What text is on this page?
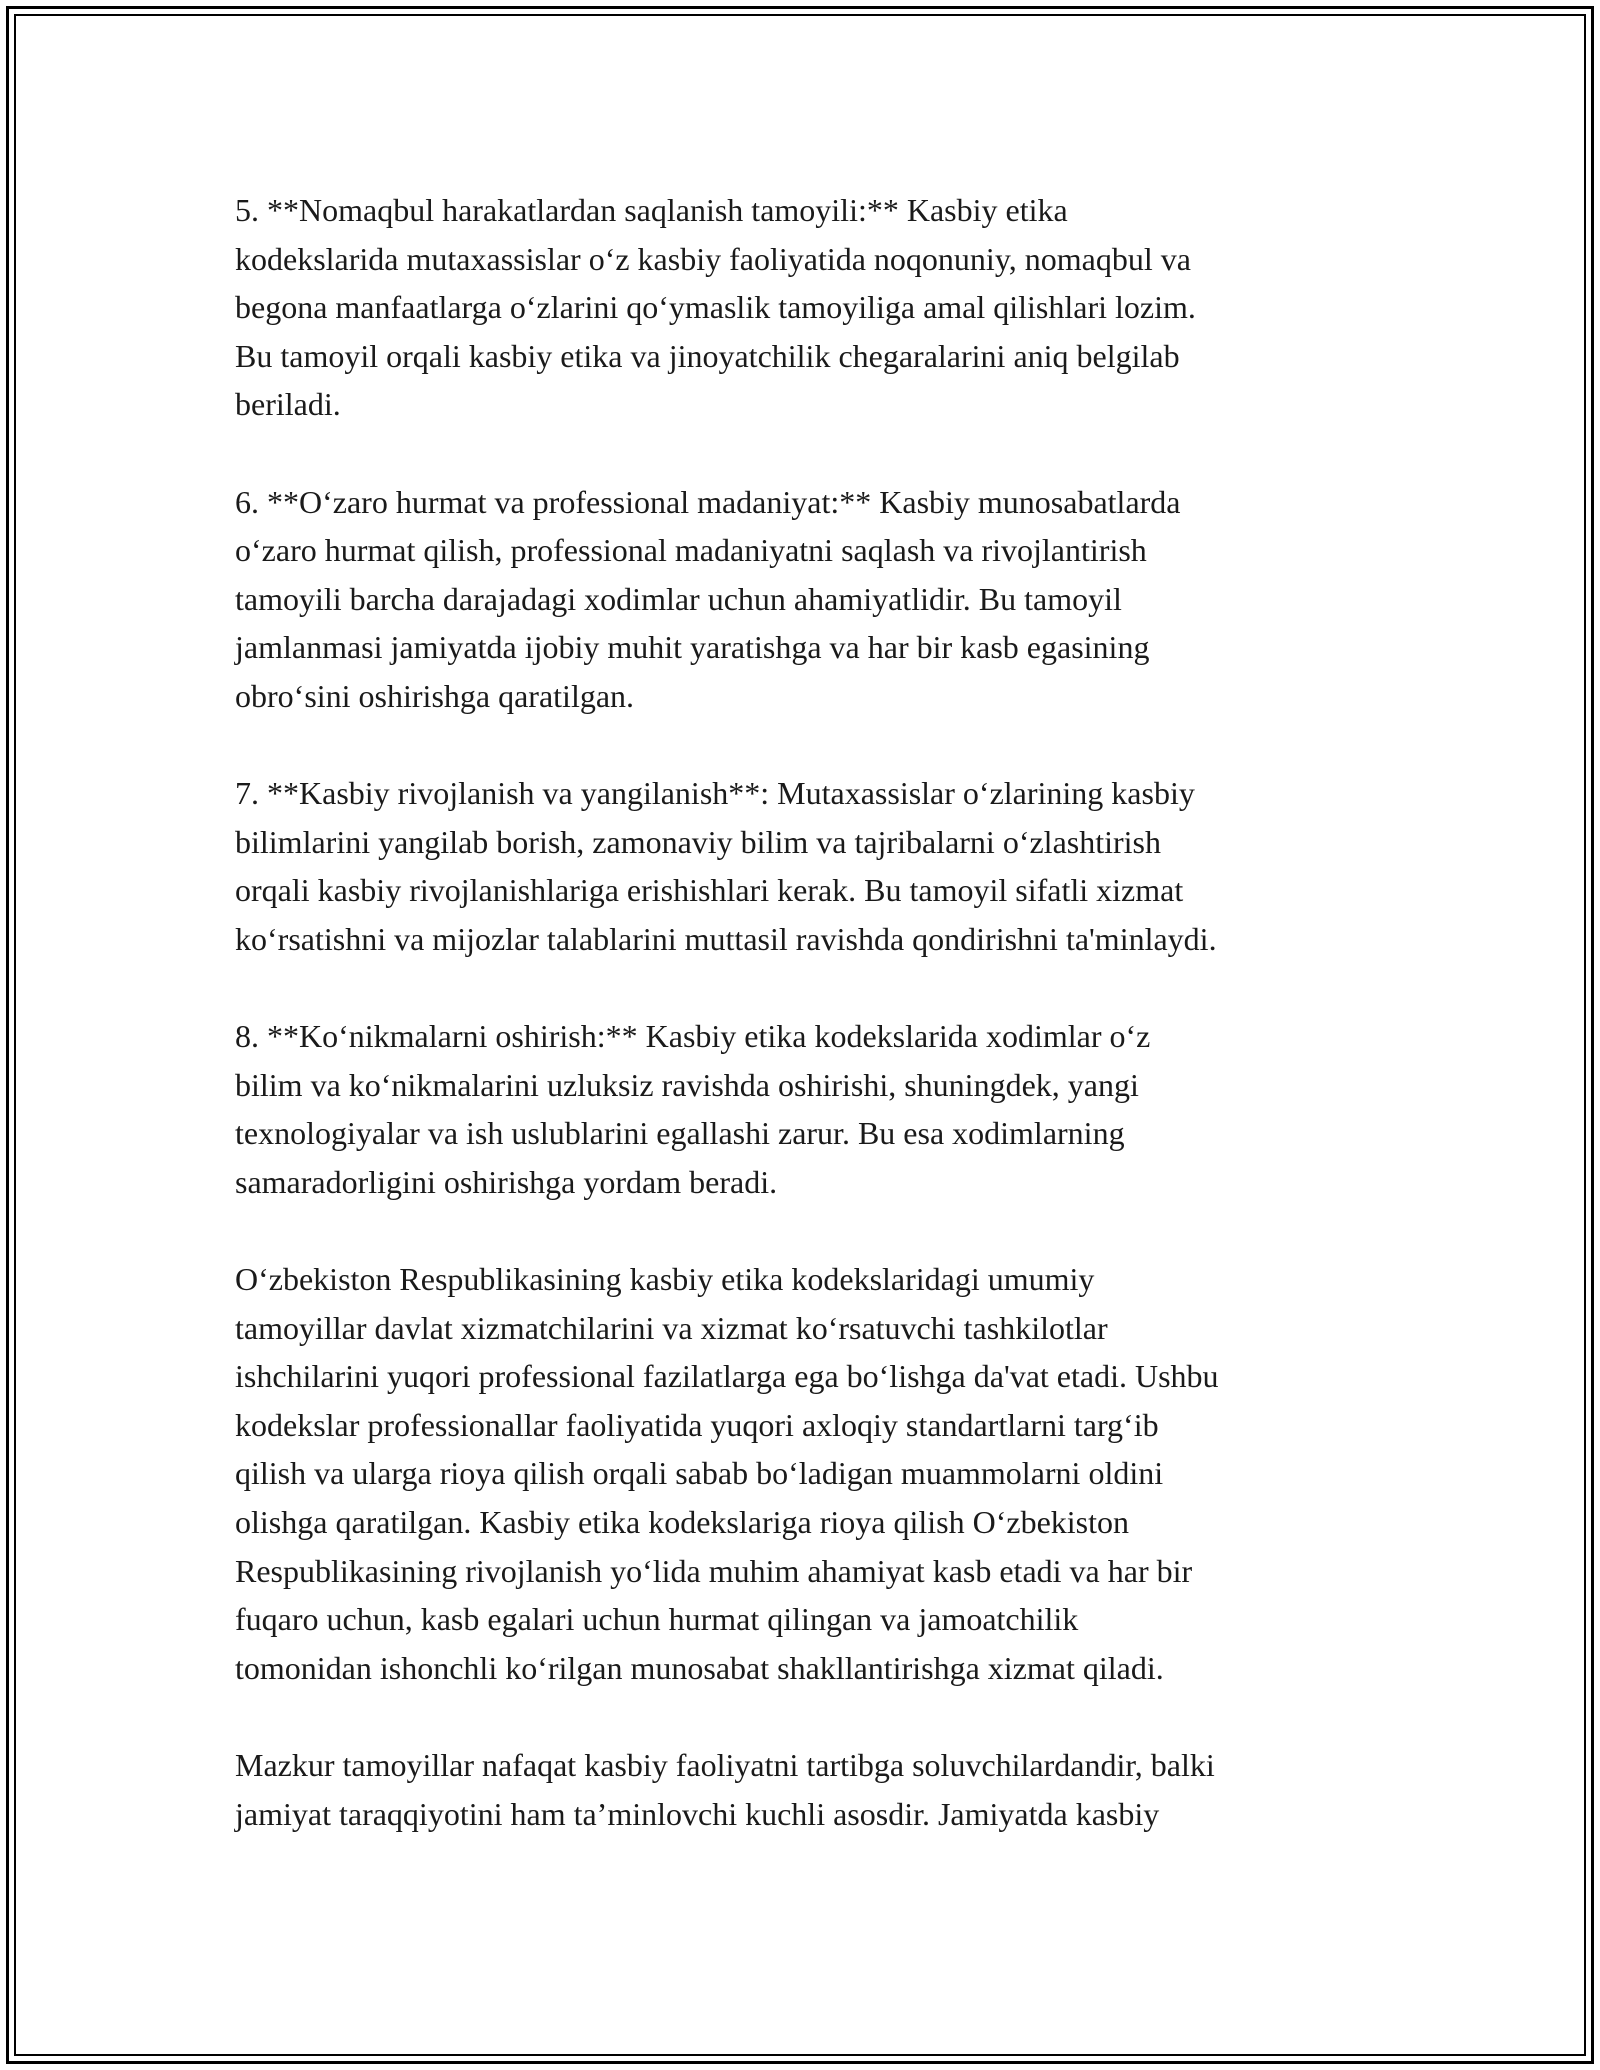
5. **Nomaqbul harakatlardan saqlanish tamoyili:** Kasbiy etika
kodekslarida mutaxassislar o‘z kasbiy faoliyatida noqonuniy, nomaqbul va
begona manfaatlarga o‘zlarini qo‘ymaslik tamoyiliga amal qilishlari lozim.
Bu tamoyil orqali kasbiy etika va jinoyatchilik chegaralarini aniq belgilab
beriladi.
6. **O‘zaro hurmat va professional madaniyat:** Kasbiy munosabatlarda
o‘zaro hurmat qilish, professional madaniyatni saqlash va rivojlantirish
tamoyili barcha darajadagi xodimlar uchun ahamiyatlidir. Bu tamoyil
jamlanmasi jamiyatda ijobiy muhit yaratishga va har bir kasb egasining
obro‘sini oshirishga qaratilgan.
7. **Kasbiy rivojlanish va yangilanish**: Mutaxassislar o‘zlarining kasbiy
bilimlarini yangilab borish, zamonaviy bilim va tajribalarni o‘zlashtirish
orqali kasbiy rivojlanishlariga erishishlari kerak. Bu tamoyil sifatli xizmat
ko‘rsatishni va mijozlar talablarini muttasil ravishda qondirishni ta'minlaydi.
8. **Ko‘nikmalarni oshirish:** Kasbiy etika kodekslarida xodimlar o‘z
bilim va ko‘nikmalarini uzluksiz ravishda oshirishi, shuningdek, yangi
texnologiyalar va ish uslublarini egallashi zarur. Bu esa xodimlarning
samaradorligini oshirishga yordam beradi.
O‘zbekiston Respublikasining kasbiy etika kodekslaridagi umumiy
tamoyillar davlat xizmatchilarini va xizmat ko‘rsatuvchi tashkilotlar
ishchilarini yuqori professional fazilatlarga ega bo‘lishga da'vat etadi. Ushbu
kodekslar professionallar faoliyatida yuqori axloqiy standartlarni targ‘ib
qilish va ularga rioya qilish orqali sabab bo‘ladigan muammolarni oldini
olishga qaratilgan. Kasbiy etika kodekslariga rioya qilish O‘zbekiston
Respublikasining rivojlanish yo‘lida muhim ahamiyat kasb etadi va har bir
fuqaro uchun, kasb egalari uchun hurmat qilingan va jamoatchilik
tomonidan ishonchli ko‘rilgan munosabat shakllantirishga xizmat qiladi.
Mazkur tamoyillar nafaqat kasbiy faoliyatni tartibga soluvchilardandir, balki
jamiyat taraqqiyotini ham ta’minlovchi kuchli asosdir. Jamiyatda kasbiy
